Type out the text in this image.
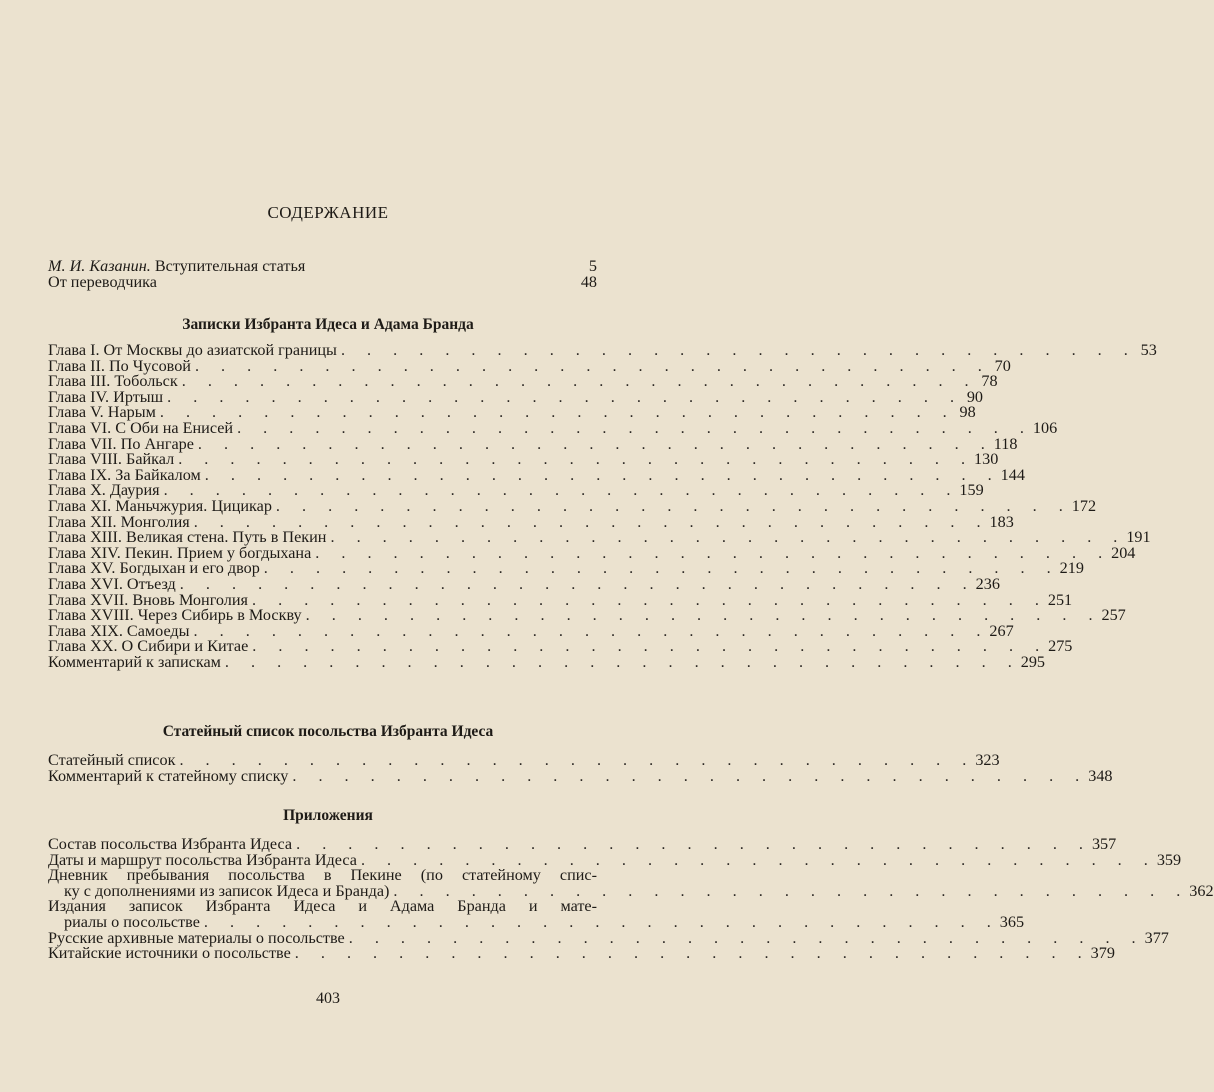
СОДЕРЖАНИЕ
М. И. Казанин. Вступительная статья	5
От переводчика	48
Записки Избранта Идеса и Адама Бранда
Глава I. От Москвы до азиатской границы . . . . . . . . . . . . . . . . . . . . . . . . . . . . . . . 53
Глава II. По Чусовой . . . . . . . . . . . . . . . . . . . . . . . . . . . . . . . 70
Глава III. Тобольск . . . . . . . . . . . . . . . . . . . . . . . . . . . . . . . 78
Глава IV. Иртыш . . . . . . . . . . . . . . . . . . . . . . . . . . . . . . . 90
Глава V. Нарым . . . . . . . . . . . . . . . . . . . . . . . . . . . . . . . 98
Глава VI. С Оби на Енисей . . . . . . . . . . . . . . . . . . . . . . . . . . . . . . . 106
Глава VII. По Ангаре . . . . . . . . . . . . . . . . . . . . . . . . . . . . . . . 118
Глава VIII. Байкал . . . . . . . . . . . . . . . . . . . . . . . . . . . . . . . 130
Глава IX. За Байкалом . . . . . . . . . . . . . . . . . . . . . . . . . . . . . . . 144
Глава X. Даурия . . . . . . . . . . . . . . . . . . . . . . . . . . . . . . . 159
Глава XI. Маньчжурия. Цицикар . . . . . . . . . . . . . . . . . . . . . . . . . . . . . . . 172
Глава XII. Монголия . . . . . . . . . . . . . . . . . . . . . . . . . . . . . . . 183
Глава XIII. Великая стена. Путь в Пекин . . . . . . . . . . . . . . . . . . . . . . . . . . . . . . . 191
Глава XIV. Пекин. Прием у богдыхана . . . . . . . . . . . . . . . . . . . . . . . . . . . . . . . 204
Глава XV. Богдыхан и его двор . . . . . . . . . . . . . . . . . . . . . . . . . . . . . . . 219
Глава XVI. Отъезд . . . . . . . . . . . . . . . . . . . . . . . . . . . . . . . 236
Глава XVII. Вновь Монголия . . . . . . . . . . . . . . . . . . . . . . . . . . . . . . . 251
Глава XVIII. Через Сибирь в Москву . . . . . . . . . . . . . . . . . . . . . . . . . . . . . . . 257
Глава XIX. Самоеды . . . . . . . . . . . . . . . . . . . . . . . . . . . . . . . 267
Глава XX. О Сибири и Китае . . . . . . . . . . . . . . . . . . . . . . . . . . . . . . . 275
Комментарий к запискам . . . . . . . . . . . . . . . . . . . . . . . . . . . . . . . 295
Статейный список посольства Избранта Идеса
Статейный список . . . . . . . . . . . . . . . . . . . . . . . . . . . . . . . 323
Комментарий к статейному списку . . . . . . . . . . . . . . . . . . . . . . . . . . . . . . . 348
Приложения
Состав посольства Избранта Идеса . . . . . . . . . . . . . . . . . . . . . . . . . . . . . . . 357
Даты и маршрут посольства Избранта Идеса . . . . . . . . . . . . . . . . . . . . . . . . . . . . . . . 359
Дневник пребывания посольства в Пекине (по статейному спис-
ку с дополнениями из записок Идеса и Бранда) . . . . . . . . . . . . . . . . . . . . . . . . . . . . . . . 362
Издания записок Избранта Идеса и Адама Бранда и мате-
риалы о посольстве . . . . . . . . . . . . . . . . . . . . . . . . . . . . . . . 365
Русские архивные материалы о посольстве . . . . . . . . . . . . . . . . . . . . . . . . . . . . . . . 377
Китайские источники о посольстве . . . . . . . . . . . . . . . . . . . . . . . . . . . . . . . 379
403
